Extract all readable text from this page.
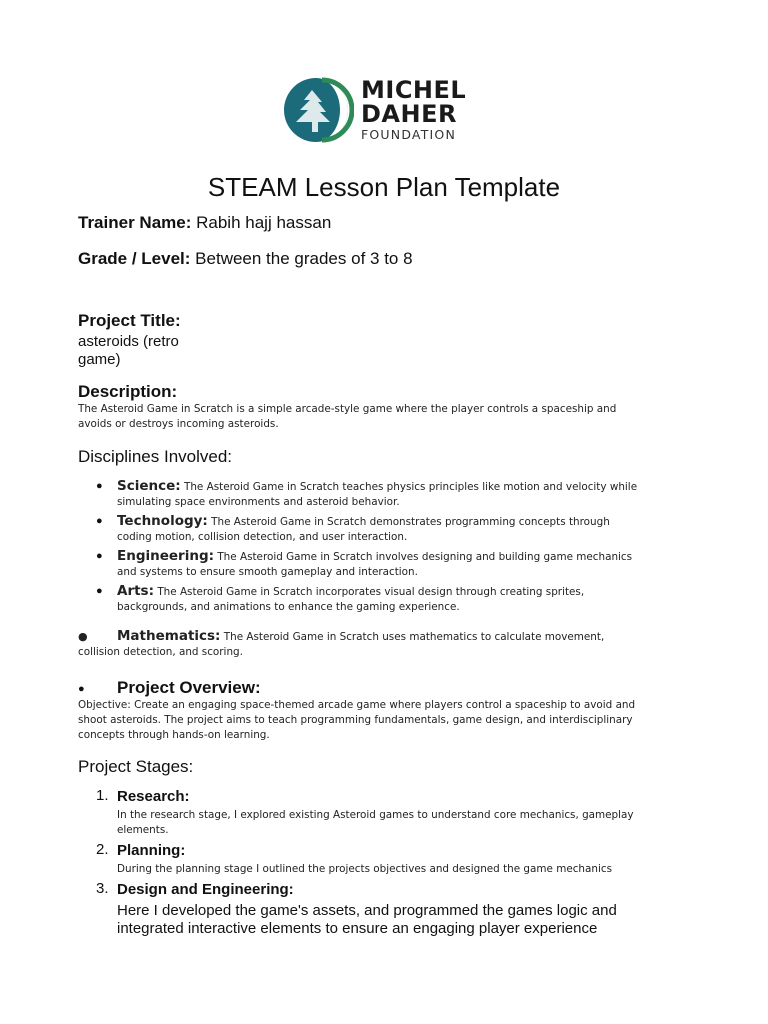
MICHEL
DAHER
FOUNDATION
STEAM Lesson Plan Template
Trainer Name: Rabih hajj hassan
Grade / Level: Between the grades of 3 to 8
Project Title:
asteroids (retro
game)
Description:
The Asteroid Game in Scratch is a simple arcade-style game where the player controls a spaceship and avoids or destroys incoming asteroids.
Disciplines Involved:
● Science: The Asteroid Game in Scratch teaches physics principles like motion and velocity while simulating space environments and asteroid behavior.
● Technology: The Asteroid Game in Scratch demonstrates programming concepts through coding motion, collision detection, and user interaction.
● Engineering: The Asteroid Game in Scratch involves designing and building game mechanics and systems to ensure smooth gameplay and interaction.
● Arts: The Asteroid Game in Scratch incorporates visual design through creating sprites, backgrounds, and animations to enhance the gaming experience.
● Mathematics: The Asteroid Game in Scratch uses mathematics to calculate movement, collision detection, and scoring.
● Project Overview:
Objective: Create an engaging space-themed arcade game where players control a spaceship to avoid and shoot asteroids. The project aims to teach programming fundamentals, game design, and interdisciplinary concepts through hands-on learning.
Project Stages:
1. Research:
In the research stage, I explored existing Asteroid games to understand core mechanics, gameplay elements.
2. Planning:
During the planning stage I outlined the projects objectives and designed the game mechanics
3. Design and Engineering:
Here I developed the game's assets, and programmed the games logic and integrated interactive elements to ensure an engaging player experience
